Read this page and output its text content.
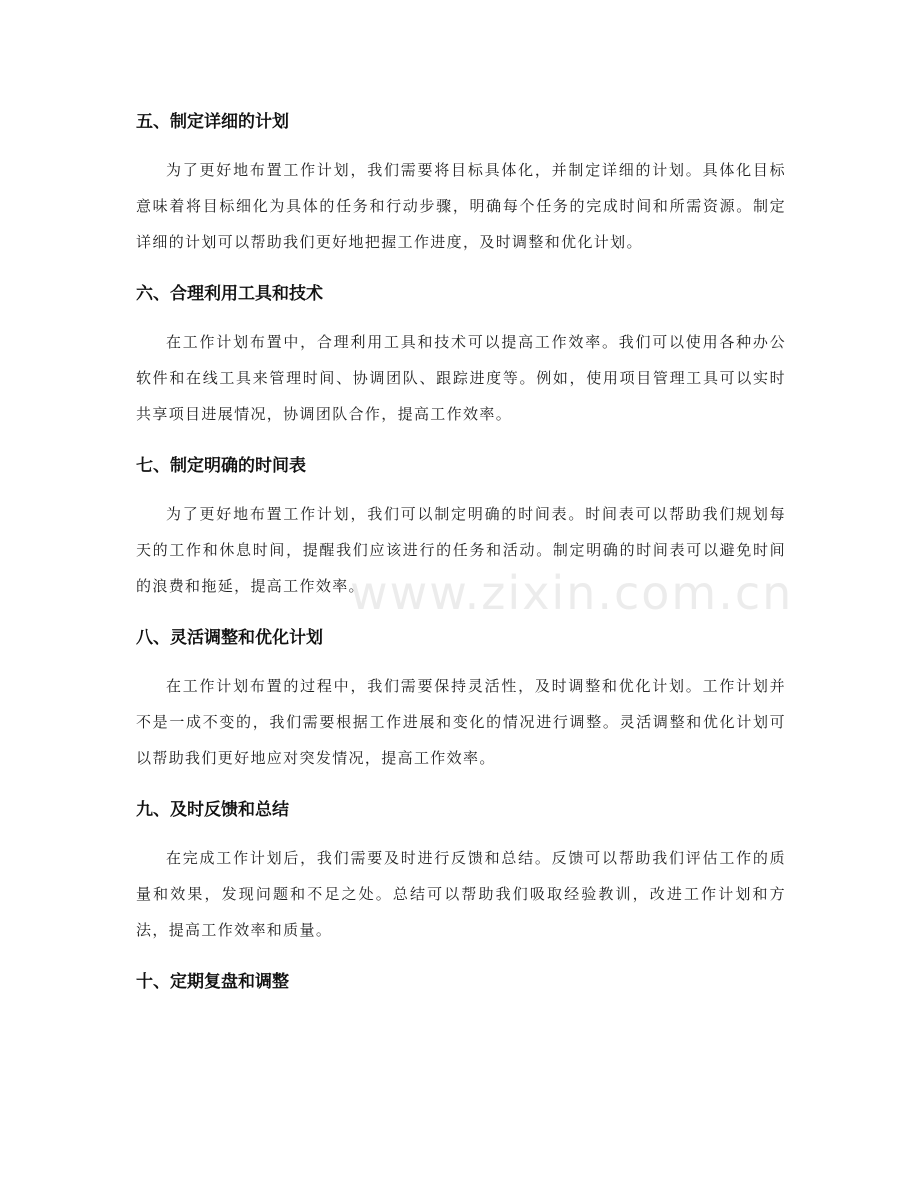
www.zixin.com.cn
五、制定详细的计划

为了更好地布置工作计划，我们需要将目标具体化，并制定详细的计划。具体化目标意味着将目标细化为具体的任务和行动步骤，明确每个任务的完成时间和所需资源。制定详细的计划可以帮助我们更好地把握工作进度，及时调整和优化计划。

六、合理利用工具和技术

在工作计划布置中，合理利用工具和技术可以提高工作效率。我们可以使用各种办公软件和在线工具来管理时间、协调团队、跟踪进度等。例如，使用项目管理工具可以实时共享项目进展情况，协调团队合作，提高工作效率。

七、制定明确的时间表

为了更好地布置工作计划，我们可以制定明确的时间表。时间表可以帮助我们规划每天的工作和休息时间，提醒我们应该进行的任务和活动。制定明确的时间表可以避免时间的浪费和拖延，提高工作效率。

八、灵活调整和优化计划

在工作计划布置的过程中，我们需要保持灵活性，及时调整和优化计划。工作计划并不是一成不变的，我们需要根据工作进展和变化的情况进行调整。灵活调整和优化计划可以帮助我们更好地应对突发情况，提高工作效率。

九、及时反馈和总结

在完成工作计划后，我们需要及时进行反馈和总结。反馈可以帮助我们评估工作的质量和效果，发现问题和不足之处。总结可以帮助我们吸取经验教训，改进工作计划和方法，提高工作效率和质量。

十、定期复盘和调整
